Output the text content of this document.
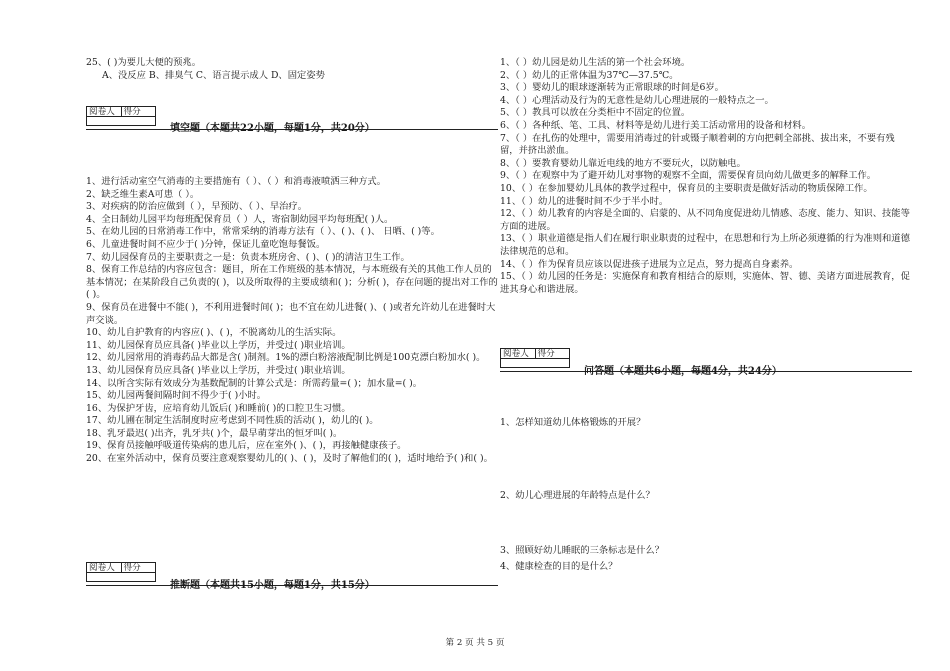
25、( )为要儿大便的预兆。

A、没反应 B、排臭气 C、语言提示成人 D、固定姿势

阅卷人	得分
填空题（本题共22小题，每题1分，共20分）

1、进行活动室空气消毒的主要措施有（ ）、（ ）和消毒液喷洒三种方式。

2、缺乏维生素A可患（ ）。

3、对疾病的防治应做到（ ），早预防、（ ）、早治疗。

4、全日制幼儿园平均每班配保育员（ ）人，寄宿制幼园平均每班配( )人。

5、在幼儿园的日常消毒工作中，常常采纳的消毒方法有（ ）、( )、( )、 日晒、( )等。

6、儿童进餐时间不应少于( )分钟，保证儿童吃饱每餐饭。

7、幼儿园保育员的主要职责之一是：负责本班房舍、( )、( )的清洁卫生工作。

8、保育工作总结的内容应包含：题目，所在工作班级的基本情况，与本班级有关的其他工作人员的基本情况；在某阶段自己负责的( )，以及所取得的主要成绩和( )；分析( )，存在问题的提出对工作的( )。

9、保育员在进餐中不能( )，不利用进餐时间( )；也不宜在幼儿进餐( )、( )或者允许幼儿在进餐时大声交谈。

10、幼儿自护教育的内容应( )、( )，不脱离幼儿的生活实际。

11、幼儿园保育员应具备( )毕业以上学历，并受过( )职业培训。

12、幼儿园常用的消毒药品大都是含( )制剂。1%的漂白粉溶液配制比例是100克漂白粉加水( )。

13、幼儿园保育员应具备( )毕业以上学历，并受过( )职业培训。

14、以所含实际有效成分为基数配制的计算公式是：所需药量=( )；加水量=( )。

15、幼儿园两餐间隔时间不得少于( )小时。

16、为保护牙齿，应培育幼儿饭后( )和睡前( )的口腔卫生习惯。

17、幼儿圃在制定生活制度时应考虑到不同性质的活动( )，幼儿的( )。

18、乳牙最迟( )出齐，乳牙共( )个，最早萌芽出的恒牙叫( )。

19、保育员接触呼吸道传染病的患儿后，应在室外( )、( )，再接触健康孩子。

20、在室外活动中，保育员要注意观察婴幼儿的( )、( )，及时了解他们的( )，适时地给予( )和( )。

阅卷人	得分
推断题（本题共15小题，每题1分，共15分）

1、（ ）幼儿园是幼儿生活的第一个社会环境。

2、（ ）幼儿的正常体温为37℃—37.5℃。

3、（ ）婴幼儿的眼球逐渐转为正常眼球的时间是6岁。

4、（ ）心理活动及行为的无意性是幼儿心理进展的一般特点之一。

5、（ ）教具可以放在分类柜中不固定的位置。

6、（ ）各种纸、笔、工具、材料等是幼儿进行美工活动常用的设备和材料。

7、（ ）在扎伤的处理中，需要用消毒过的针或镊子顺着刺的方向把刺全部挑、拔出来，不要有残留，并挤出淤血。

8、（ ）要教育婴幼儿靠近电线的地方不要玩火，以防触电。

9、（ ）在观察中为了避开幼儿对事物的观察不全面，需要保育员向幼儿做更多的解释工作。

10、（ ）在参加婴幼儿具体的教学过程中，保育员的主要职责是做好活动的物质保障工作。

11、（ ）幼儿的进餐时间不少于半小时。

12、（ ）幼儿教育的内容是全面的、启蒙的、从不同角度促进幼儿情感、态度、能力、知识、技能等方面的进展。

13、（ ）职业道德是指人们在履行职业职责的过程中，在思想和行为上所必须遵循的行为准则和道德法律规范的总和。

14、（ ）作为保育员应该以促进孩子进展为立足点，努力提高自身素养。

15、（ ）幼儿园的任务是：实施保育和教育相结合的原则，实施体、智、德、美诸方面进展教育，促进其身心和谐进展。

阅卷人	得分
问答题（本题共6小题，每题4分，共24分）

1、怎样知道幼儿体格锻炼的开展？

2、幼儿心理进展的年龄特点是什么？

3、照顾好幼儿睡眠的三条标志是什么？

4、健康检查的目的是什么？

第 2 页 共 5 页
